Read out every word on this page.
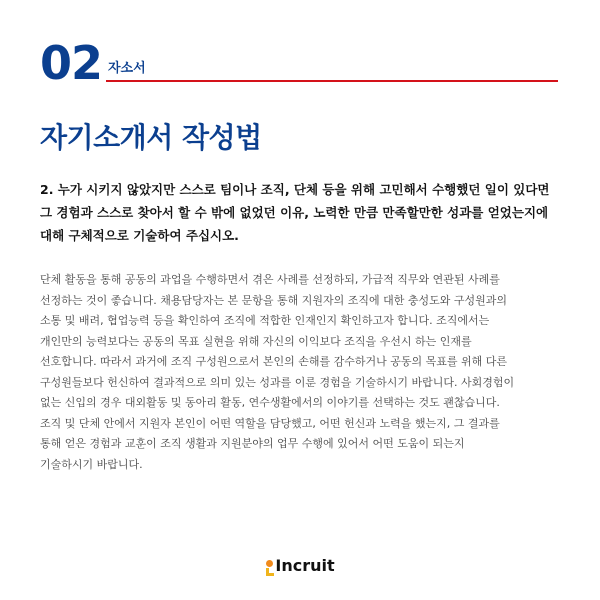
02 자소서
자기소개서 작성법
2. 누가 시키지 않았지만 스스로 팀이나 조직, 단체 등을 위해 고민해서 수행했던 일이 있다면
그 경험과 스스로 찾아서 할 수 밖에 없었던 이유, 노력한 만큼 만족할만한 성과를 얻었는지에
대해 구체적으로 기술하여 주십시오.
단체 활동을 통해 공동의 과업을 수행하면서 겪은 사례를 선정하되, 가급적 직무와 연관된 사례를
선정하는 것이 좋습니다. 채용담당자는 본 문항을 통해 지원자의 조직에 대한 충성도와 구성원과의
소통 및 배려, 협업능력 등을 확인하여 조직에 적합한 인재인지 확인하고자 합니다. 조직에서는
개인만의 능력보다는 공동의 목표 실현을 위해 자신의 이익보다 조직을 우선시 하는 인재를
선호합니다. 따라서 과거에 조직 구성원으로서 본인의 손해를 감수하거나 공동의 목표를 위해 다른
구성원들보다 헌신하여 결과적으로 의미 있는 성과를 이룬 경험을 기술하시기 바랍니다. 사회경험이
없는 신입의 경우 대외활동 및 동아리 활동, 연수생활에서의 이야기를 선택하는 것도 괜찮습니다.
조직 및 단체 안에서 지원자 본인이 어떤 역할을 담당했고, 어떤 헌신과 노력을 했는지, 그 결과를
통해 얻은 경험과 교훈이 조직 생활과 지원분야의 업무 수행에 있어서 어떤 도움이 되는지
기술하시기 바랍니다.
Incruit
